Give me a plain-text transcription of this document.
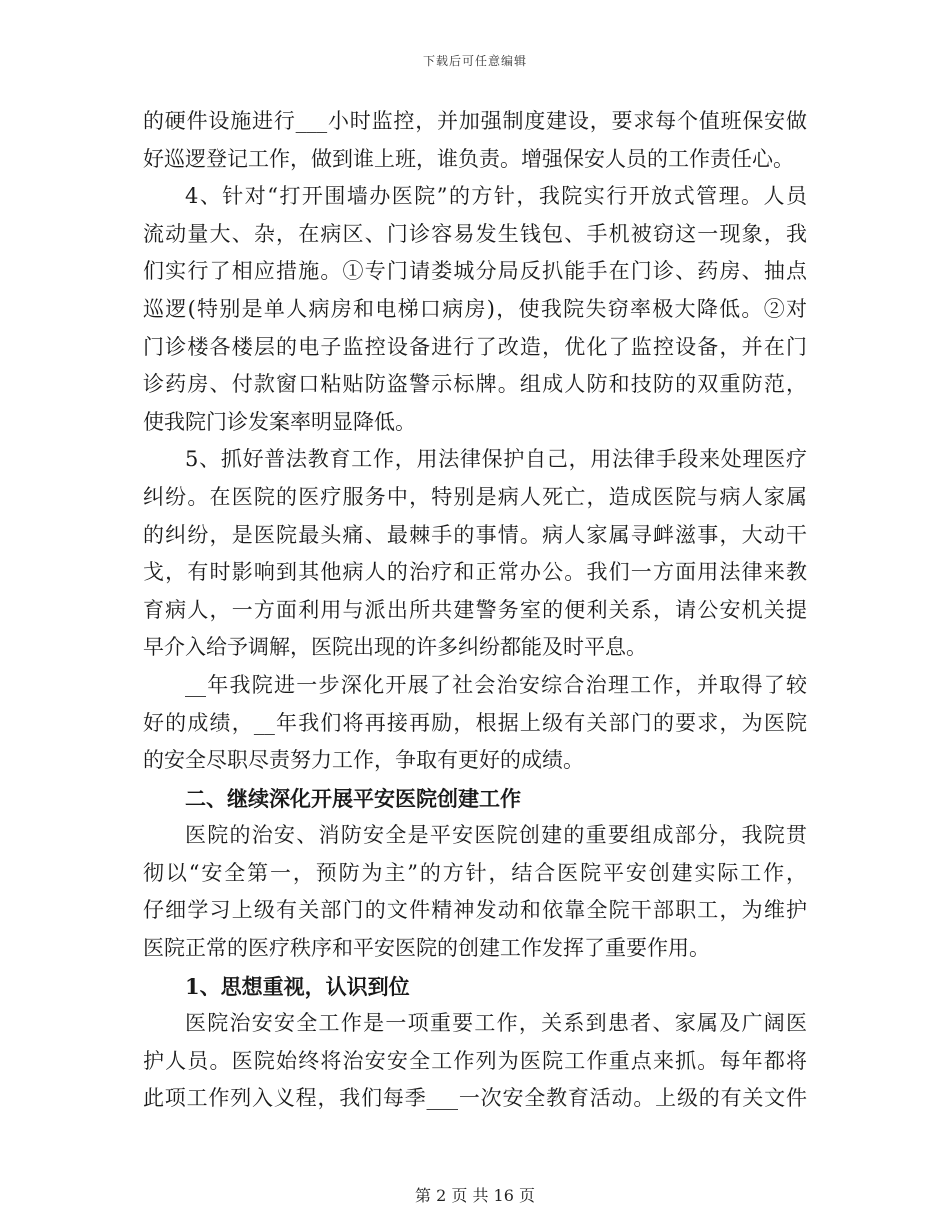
下载后可任意编辑
的硬件设施进行___小时监控，并加强制度建设，要求每个值班保安做
好巡逻登记工作，做到谁上班，谁负责。增强保安人员的工作责任心。
4、针对“打开围墙办医院”的方针，我院实行开放式管理。人员
流动量大、杂，在病区、门诊容易发生钱包、手机被窃这一现象，我
们实行了相应措施。①专门请娄城分局反扒能手在门诊、药房、抽点
巡逻(特别是单人病房和电梯口病房)，使我院失窃率极大降低。②对
门诊楼各楼层的电子监控设备进行了改造，优化了监控设备，并在门
诊药房、付款窗口粘贴防盗警示标牌。组成人防和技防的双重防范，
使我院门诊发案率明显降低。
5、抓好普法教育工作，用法律保护自己，用法律手段来处理医疗
纠纷。在医院的医疗服务中，特别是病人死亡，造成医院与病人家属
的纠纷，是医院最头痛、最棘手的事情。病人家属寻衅滋事，大动干
戈，有时影响到其他病人的治疗和正常办公。我们一方面用法律来教
育病人，一方面利用与派出所共建警务室的便利关系，请公安机关提
早介入给予调解，医院出现的许多纠纷都能及时平息。
__年我院进一步深化开展了社会治安综合治理工作，并取得了较
好的成绩，__年我们将再接再励，根据上级有关部门的要求，为医院
的安全尽职尽责努力工作，争取有更好的成绩。
二、继续深化开展平安医院创建工作
医院的治安、消防安全是平安医院创建的重要组成部分，我院贯
彻以“安全第一，预防为主”的方针，结合医院平安创建实际工作，
仔细学习上级有关部门的文件精神发动和依靠全院干部职工，为维护
医院正常的医疗秩序和平安医院的创建工作发挥了重要作用。
1、思想重视，认识到位
医院治安安全工作是一项重要工作，关系到患者、家属及广阔医
护人员。医院始终将治安安全工作列为医院工作重点来抓。每年都将
此项工作列入义程，我们每季___一次安全教育活动。上级的有关文件
第 2 页 共 16 页
